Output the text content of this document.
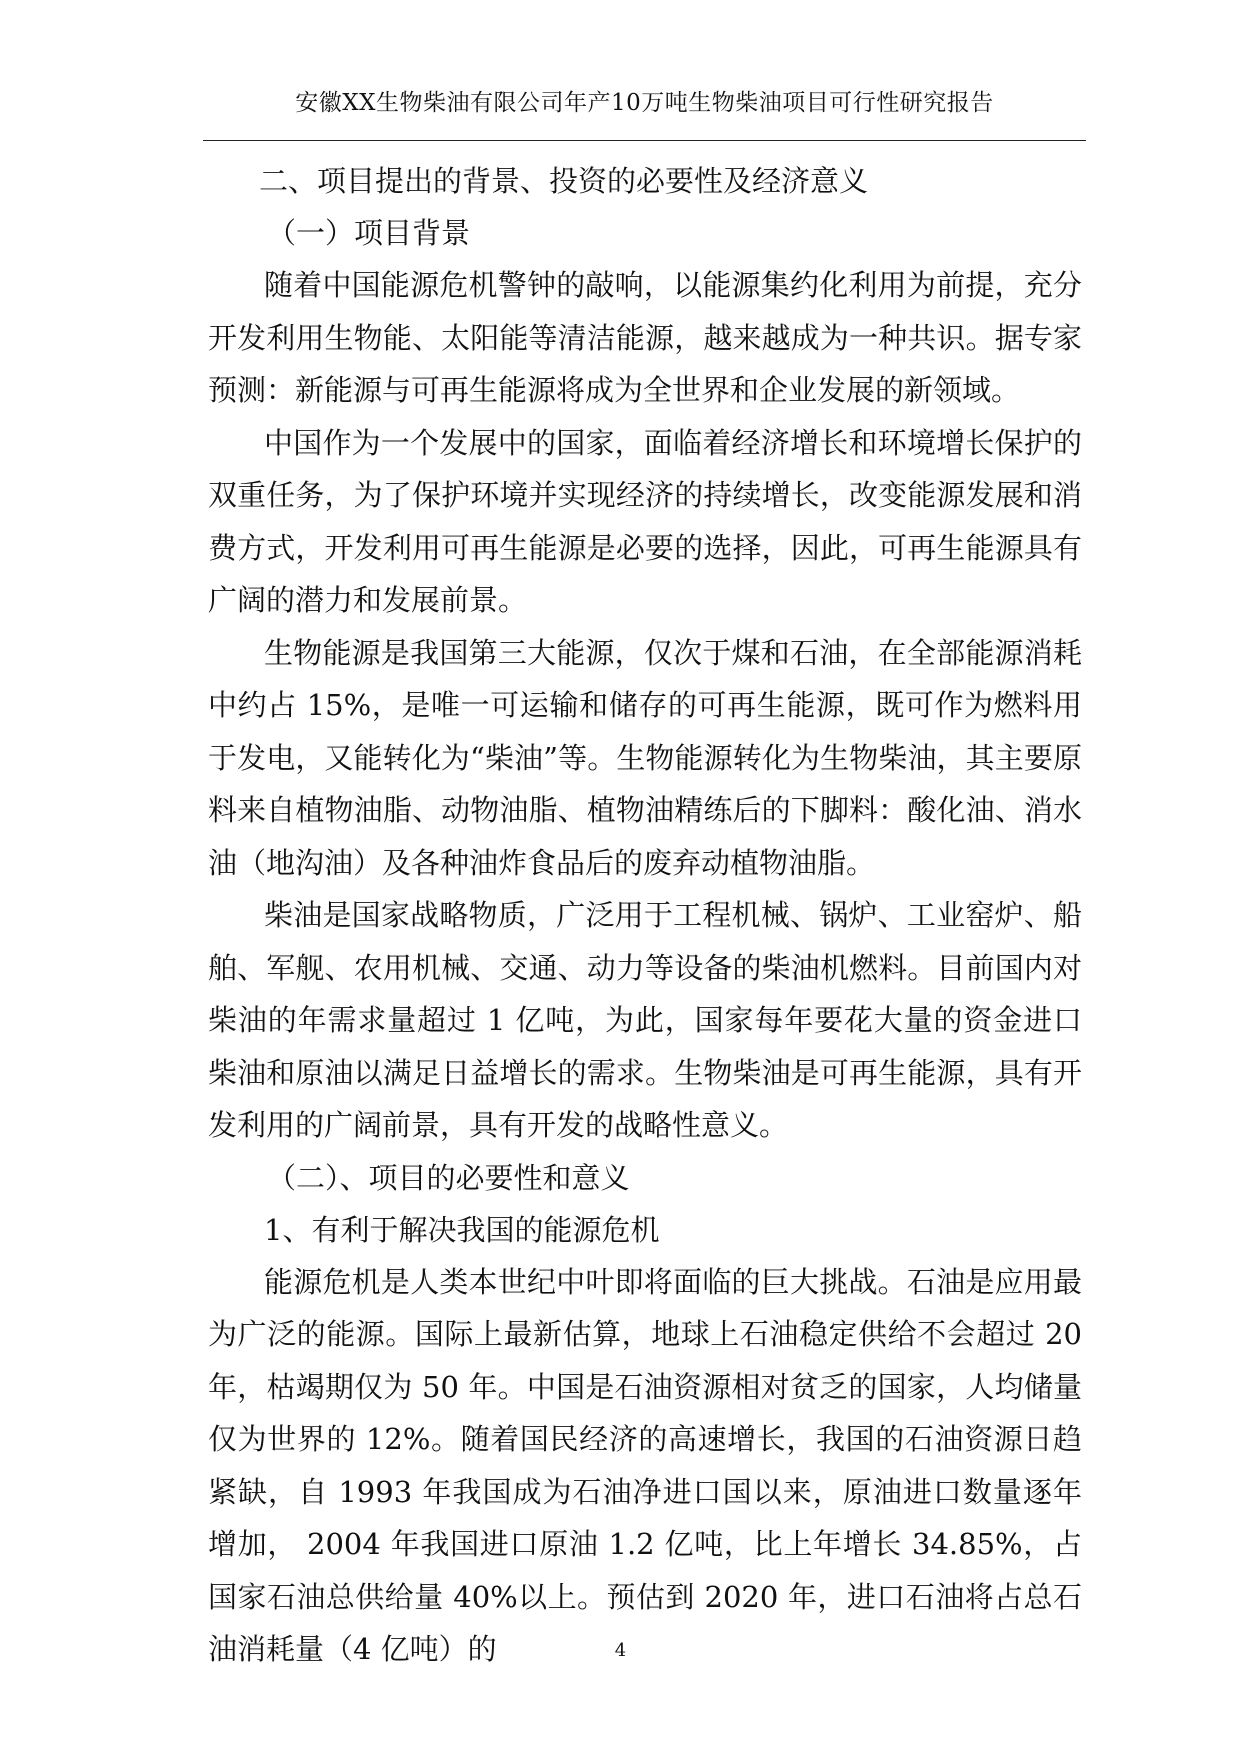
安徽XX生物柴油有限公司年产10万吨生物柴油项目可行性研究报告
二、项目提出的背景、投资的必要性及经济意义
（一）项目背景

随着中国能源危机警钟的敲响，以能源集约化利用为前提，充分开发利用生物能、太阳能等清洁能源，越来越成为一种共识。据专家预测：新能源与可再生能源将成为全世界和企业发展的新领域。

中国作为一个发展中的国家，面临着经济增长和环境增长保护的双重任务，为了保护环境并实现经济的持续增长，改变能源发展和消费方式，开发利用可再生能源是必要的选择，因此，可再生能源具有广阔的潜力和发展前景。

生物能源是我国第三大能源，仅次于煤和石油，在全部能源消耗中约占 15%，是唯一可运输和储存的可再生能源，既可作为燃料用于发电，又能转化为“柴油”等。生物能源转化为生物柴油，其主要原料来自植物油脂、动物油脂、植物油精练后的下脚料：酸化油、消水油（地沟油）及各种油炸食品后的废弃动植物油脂。

柴油是国家战略物质，广泛用于工程机械、锅炉、工业窑炉、船舶、军舰、农用机械、交通、动力等设备的柴油机燃料。目前国内对柴油的年需求量超过 1 亿吨，为此，国家每年要花大量的资金进口柴油和原油以满足日益增长的需求。生物柴油是可再生能源，具有开发利用的广阔前景，具有开发的战略性意义。

（二）、项目的必要性和意义
1、有利于解决我国的能源危机

能源危机是人类本世纪中叶即将面临的巨大挑战。石油是应用最为广泛的能源。国际上最新估算，地球上石油稳定供给不会超过 20 年，枯竭期仅为 50 年。中国是石油资源相对贫乏的国家，人均储量仅为世界的 12%。随着国民经济的高速增长，我国的石油资源日趋紧缺，自 1993 年我国成为石油净进口国以来，原油进口数量逐年增加， 2004 年我国进口原油 1.2 亿吨，比上年增长 34.85%，占国家石油总供给量 40%以上。预估到 2020 年，进口石油将占总石油消耗量（4 亿吨）的	4
